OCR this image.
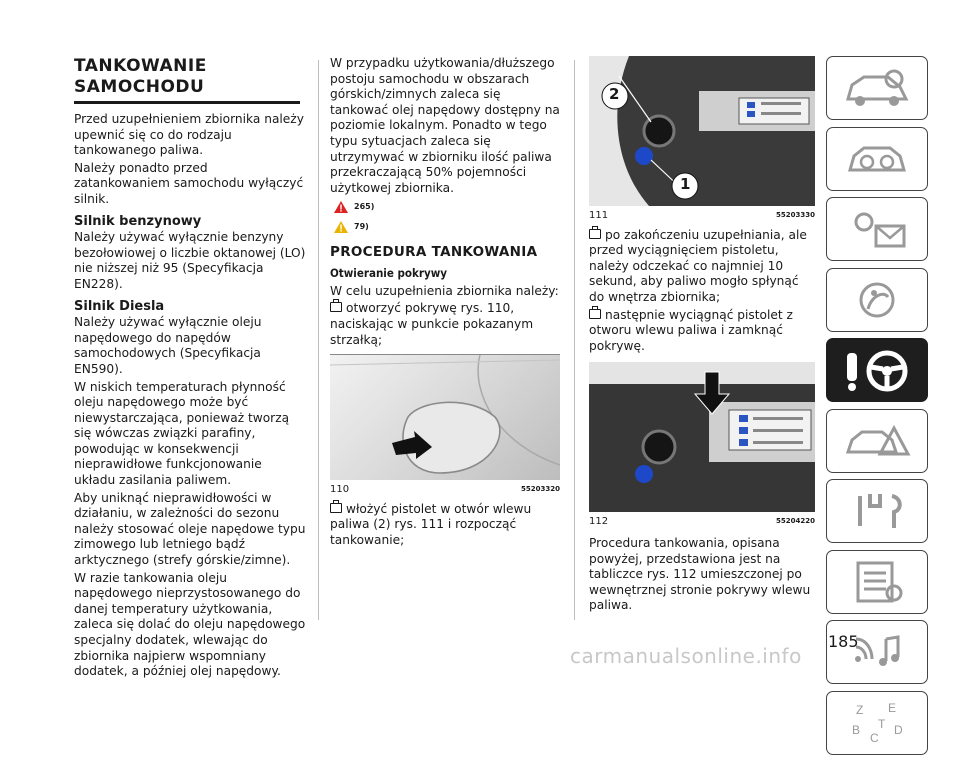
TANKOWANIE
SAMOCHODU

Przed uzupełnieniem zbiornika należy upewnić się co do rodzaju tankowanego paliwa.

Należy ponadto przed zatankowaniem samochodu wyłączyć silnik.

Silnik benzynowy

Należy używać wyłącznie benzyny bezołowiowej o liczbie oktanowej (LO) nie niższej niż 95 (Specyfikacja EN228).

Silnik Diesla

Należy używać wyłącznie oleju napędowego do napędów samochodowych (Specyfikacja EN590).

W niskich temperaturach płynność oleju napędowego może być niewystarczająca, ponieważ tworzą się wówczas związki parafiny, powodując w konsekwencji nieprawidłowe funkcjonowanie układu zasilania paliwem.

Aby uniknąć nieprawidłowości w działaniu, w zależności do sezonu należy stosować oleje napędowe typu zimowego lub letniego bądź arktycznego (strefy górskie/zimne).

W razie tankowania oleju napędowego nieprzystosowanego do danej temperatury użytkowania, zaleca się dolać do oleju napędowego specjalny dodatek, wlewając do zbiornika najpierw wspomniany dodatek, a później olej napędowy.

W przypadku użytkowania/dłuższego postoju samochodu w obszarach górskich/zimnych zaleca się tankować olej napędowy dostępny na poziomie lokalnym. Ponadto w tego typu sytuacjach zaleca się utrzymywać w zbiorniku ilość paliwa przekraczającą 50% pojemności użytkowej zbiornika.

265)
79)
PROCEDURA TANKOWANIA
Otwieranie pokrywy

W celu uzupełnienia zbiornika należy:

otworzyć pokrywę rys. 110, naciskając w punkcie pokazanym strzałką;

110	55203320

włożyć pistolet w otwór wlewu paliwa (2) rys. 111 i rozpocząć tankowanie;

2
1
111	55203330

po zakończeniu uzupełniania, ale przed wyciągnięciem pistoletu, należy odczekać co najmniej 10 sekund, aby paliwo mogło spłynąć do wnętrza zbiornika;

następnie wyciągnąć pistolet z otworu wlewu paliwa i zamknąć pokrywę.

112	55204220

Procedura tankowania, opisana powyżej, przedstawiona jest na tabliczce rys. 112 umieszczonej po wewnętrznej stronie pokrywy wlewu paliwa.

Z E
B
C
D
T
185
carmanualsonline.info
